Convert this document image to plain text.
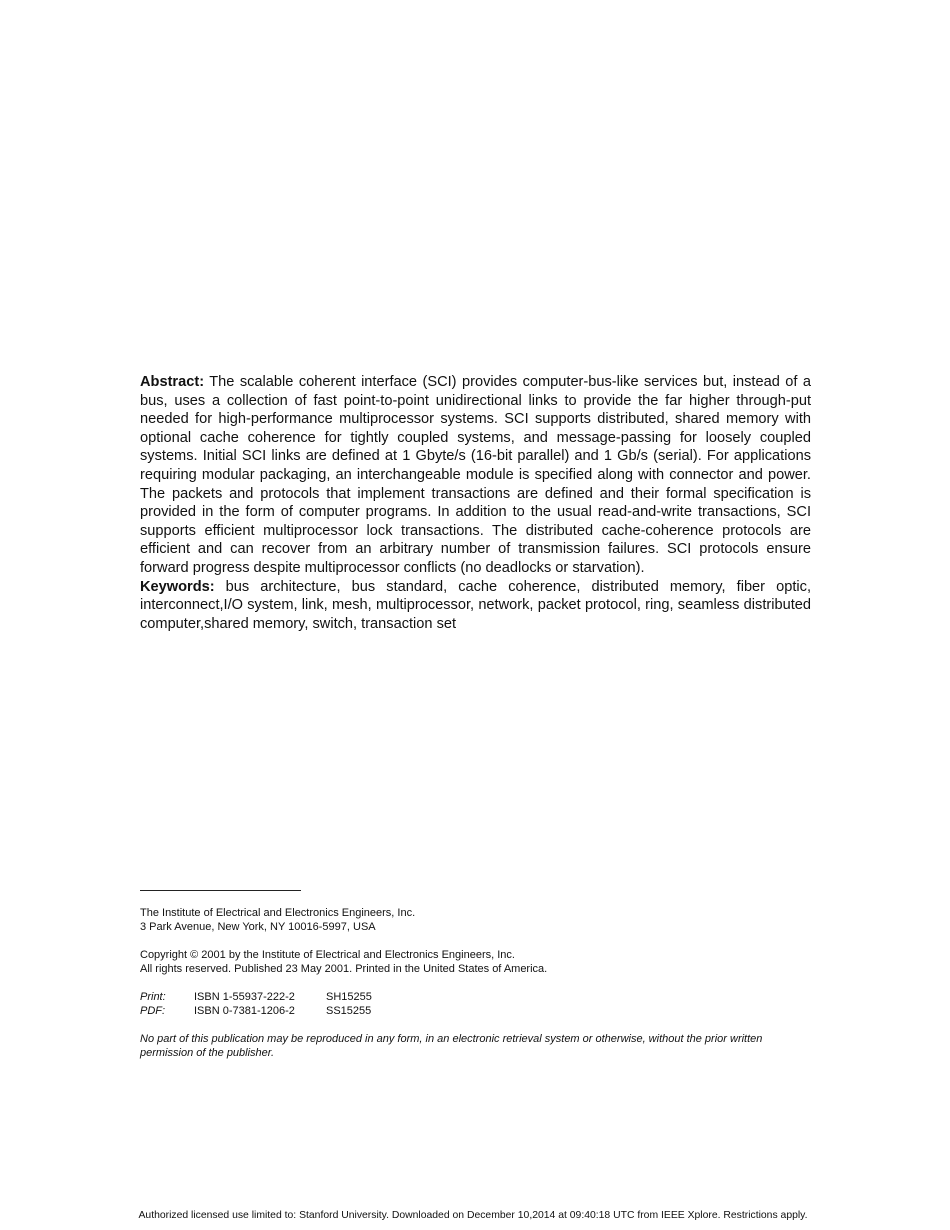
Abstract: The scalable coherent interface (SCI) provides computer-bus-like services but, instead of a bus, uses a collection of fast point-to-point unidirectional links to provide the far higher through-put needed for high-performance multiprocessor systems. SCI supports distributed, shared memory with optional cache coherence for tightly coupled systems, and message-passing for loosely coupled systems. Initial SCI links are defined at 1 Gbyte/s (16-bit parallel) and 1 Gb/s (serial). For applications requiring modular packaging, an interchangeable module is specified along with connector and power. The packets and protocols that implement transactions are defined and their formal specification is provided in the form of computer programs. In addition to the usual read-and-write transactions, SCI supports efficient multiprocessor lock transactions. The distributed cache-coherence protocols are efficient and can recover from an arbitrary number of transmission failures. SCI protocols ensure forward progress despite multiprocessor conflicts (no deadlocks or starvation).

Keywords: bus architecture, bus standard, cache coherence, distributed memory, fiber optic, interconnect,I/O system, link, mesh, multiprocessor, network, packet protocol, ring, seamless distributed computer,shared memory, switch, transaction set

The Institute of Electrical and Electronics Engineers, Inc.
3 Park Avenue, New York, NY 10016-5997, USA
Copyright © 2001 by the Institute of Electrical and Electronics Engineers, Inc.
All rights reserved. Published 23 May 2001. Printed in the United States of America.
Print:	ISBN 1-55937-222-2	SH15255
PDF:	ISBN 0-7381-1206-2	SS15255
No part of this publication may be reproduced in any form, in an electronic retrieval system or otherwise, without the prior written permission of the publisher.
Authorized licensed use limited to: Stanford University. Downloaded on December 10,2014 at 09:40:18 UTC from IEEE Xplore. Restrictions apply.
